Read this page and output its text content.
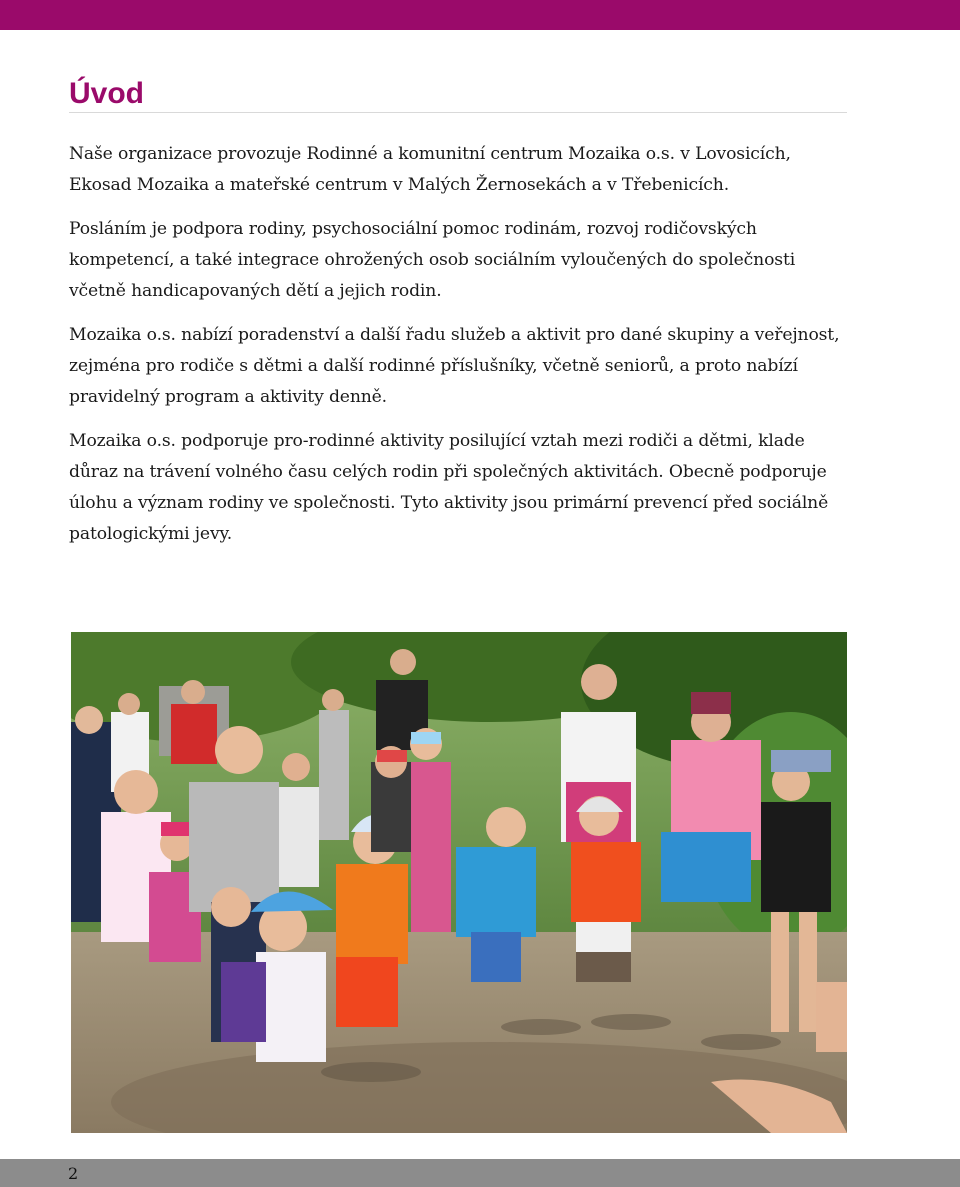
Úvod

Naše organizace provozuje Rodinné a komunitní centrum Mozaika o.s. v Lovosicích, Ekosad Mozaika a mateřské centrum v Malých Žernosekách a v Třebenicích.

Posláním je podpora rodiny, psychosociální pomoc rodinám, rozvoj rodičovských kompetencí, a také integrace ohrožených osob sociálním vyloučených do společnosti včetně handicapovaných dětí a jejich rodin.

Mozaika o.s. nabízí poradenství a další řadu služeb a aktivit pro dané skupiny a veřejnost, zejména pro rodiče s dětmi a další rodinné příslušníky, včetně seniorů, a proto nabízí pravidelný program a aktivity denně.

Mozaika o.s. podporuje pro-rodinné aktivity posilující vztah mezi rodiči a dětmi, klade důraz na trávení volného času celých rodin při společných aktivitách. Obecně podporuje úlohu a význam rodiny ve společnosti. Tyto aktivity jsou primární prevencí před sociálně patologickými jevy.

2
